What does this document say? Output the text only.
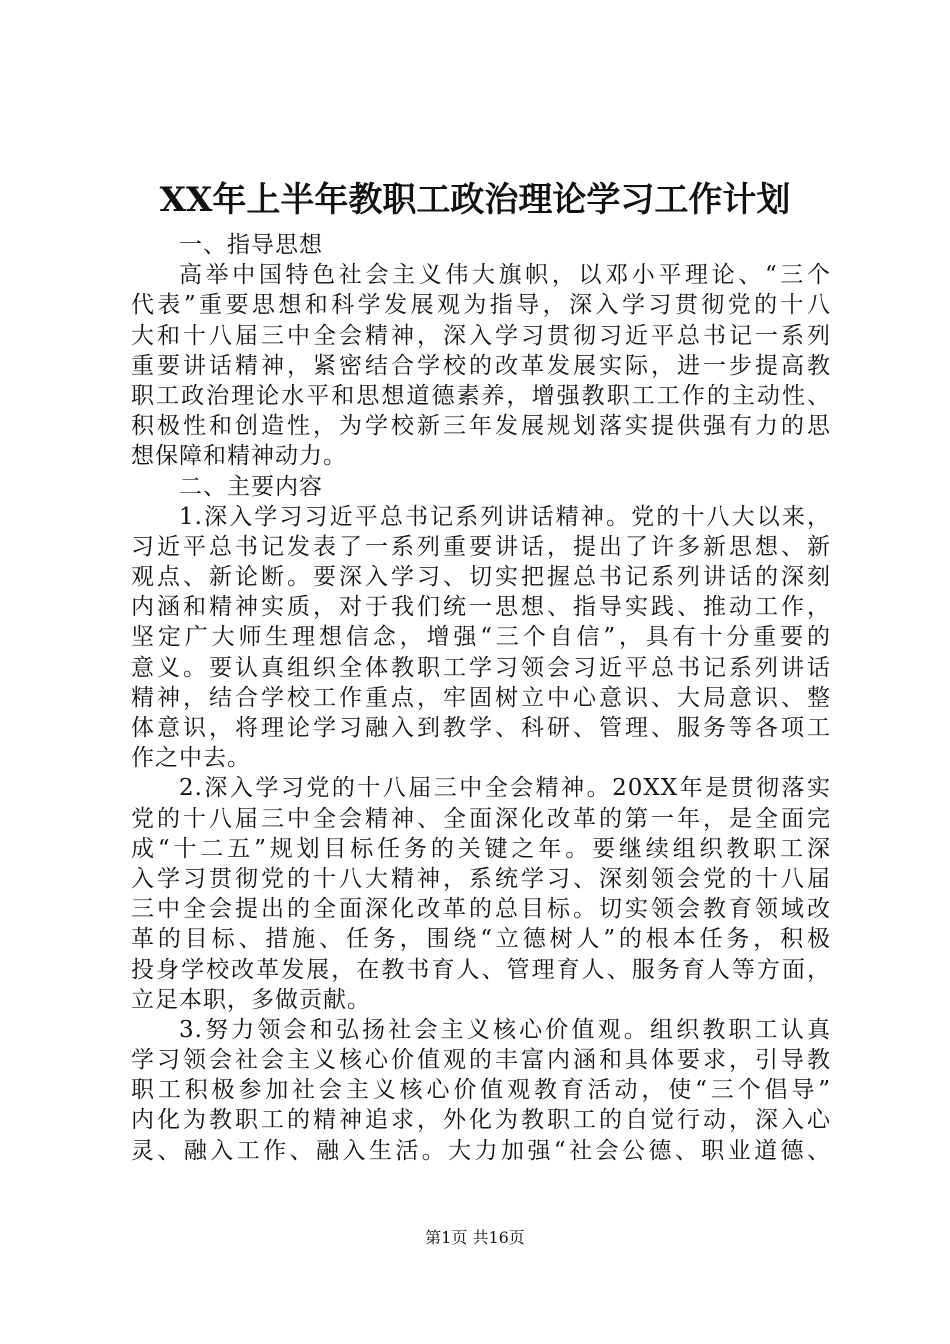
XX年上半年教职工政治理论学习工作计划
一、指导思想
高举中国特色社会主义伟大旗帜，以邓小平理论、“三个
代表”重要思想和科学发展观为指导，深入学习贯彻党的十八
大和十八届三中全会精神，深入学习贯彻习近平总书记一系列
重要讲话精神，紧密结合学校的改革发展实际，进一步提高教
职工政治理论水平和思想道德素养，增强教职工工作的主动性、
积极性和创造性，为学校新三年发展规划落实提供强有力的思
想保障和精神动力。
二、主要内容
1.深入学习习近平总书记系列讲话精神。党的十八大以来，
习近平总书记发表了一系列重要讲话，提出了许多新思想、新
观点、新论断。要深入学习、切实把握总书记系列讲话的深刻
内涵和精神实质，对于我们统一思想、指导实践、推动工作，
坚定广大师生理想信念，增强“三个自信”，具有十分重要的
意义。要认真组织全体教职工学习领会习近平总书记系列讲话
精神，结合学校工作重点，牢固树立中心意识、大局意识、整
体意识，将理论学习融入到教学、科研、管理、服务等各项工
作之中去。
2.深入学习党的十八届三中全会精神。20XX年是贯彻落实
党的十八届三中全会精神、全面深化改革的第一年，是全面完
成“十二五”规划目标任务的关键之年。要继续组织教职工深
入学习贯彻党的十八大精神，系统学习、深刻领会党的十八届
三中全会提出的全面深化改革的总目标。切实领会教育领域改
革的目标、措施、任务，围绕“立德树人”的根本任务，积极
投身学校改革发展，在教书育人、管理育人、服务育人等方面，
立足本职，多做贡献。
3.努力领会和弘扬社会主义核心价值观。组织教职工认真
学习领会社会主义核心价值观的丰富内涵和具体要求，引导教
职工积极参加社会主义核心价值观教育活动，使“三个倡导”
内化为教职工的精神追求，外化为教职工的自觉行动，深入心
灵、融入工作、融入生活。大力加强“社会公德、职业道德、
第1页 共16页
